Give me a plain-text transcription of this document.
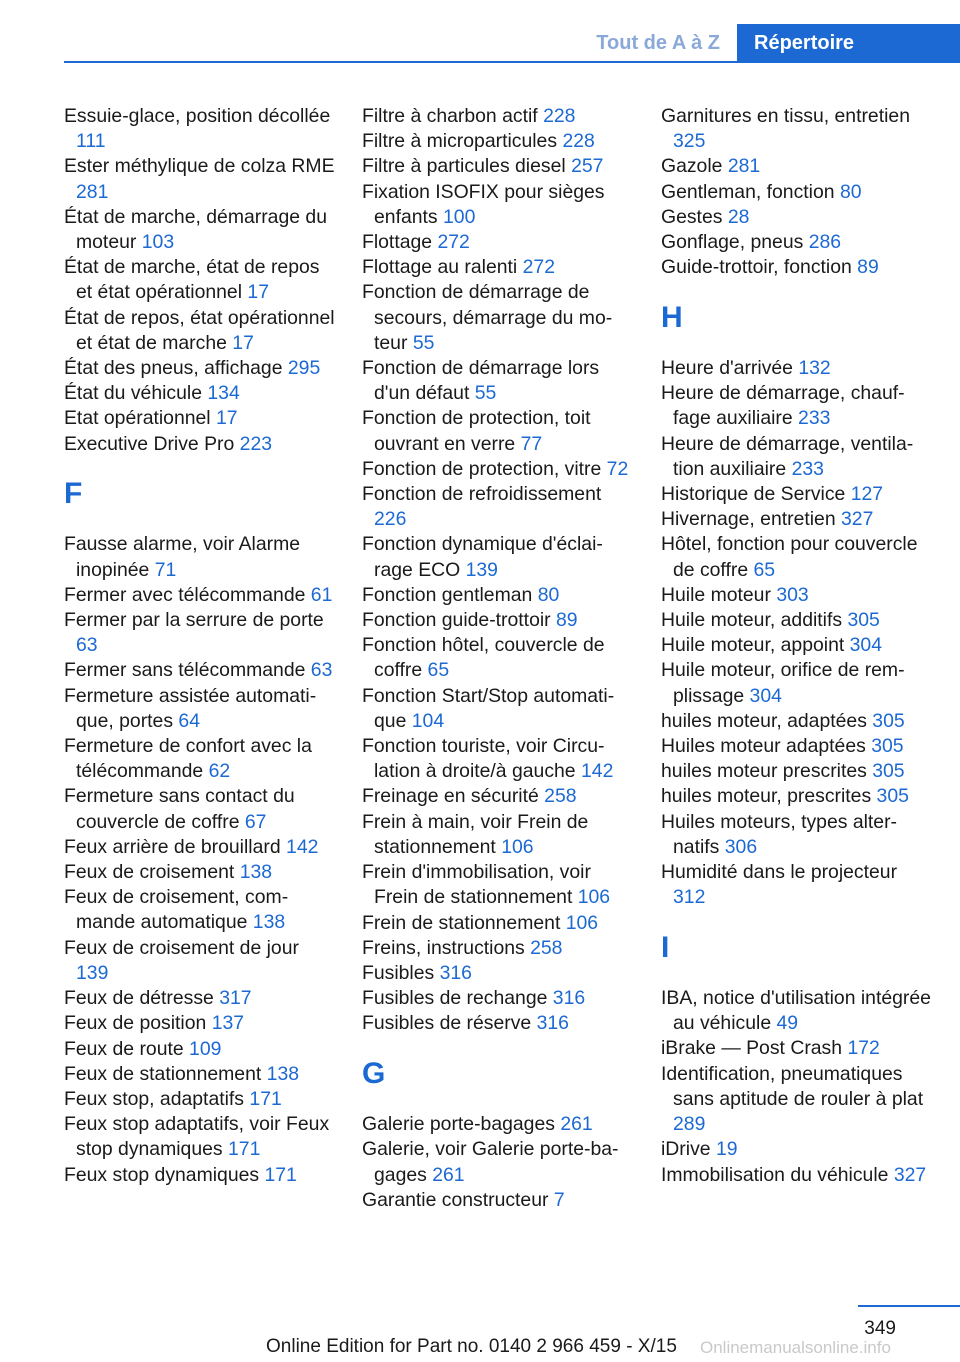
Tout de A à Z	Répertoire
Essuie-glace, position décollée 111
Ester méthylique de colza RME 281
État de marche, démarrage du moteur 103
État de marche, état de repos et état opérationnel 17
État de repos, état opérationnel et état de marche 17
État des pneus, affichage 295
État du véhicule 134
Etat opérationnel 17
Executive Drive Pro 223
F
Fausse alarme, voir Alarme inopinée 71
Fermer avec télécommande 61
Fermer par la serrure de porte 63
Fermer sans télécommande 63
Fermeture assistée automatique, portes 64
Fermeture de confort avec la télécommande 62
Fermeture sans contact du couvercle de coffre 67
Feux arrière de brouillard 142
Feux de croisement 138
Feux de croisement, commande automatique 138
Feux de croisement de jour 139
Feux de détresse 317
Feux de position 137
Feux de route 109
Feux de stationnement 138
Feux stop, adaptatifs 171
Feux stop adaptatifs, voir Feux stop dynamiques 171
Feux stop dynamiques 171
Filtre à charbon actif 228
Filtre à microparticules 228
Filtre à particules diesel 257
Fixation ISOFIX pour sièges enfants 100
Flottage 272
Flottage au ralenti 272
Fonction de démarrage de secours, démarrage du moteur 55
Fonction de démarrage lors d'un défaut 55
Fonction de protection, toit ouvrant en verre 77
Fonction de protection, vitre 72
Fonction de refroidissement 226
Fonction dynamique d'éclairage ECO 139
Fonction gentleman 80
Fonction guide-trottoir 89
Fonction hôtel, couvercle de coffre 65
Fonction Start/Stop automatique 104
Fonction touriste, voir Circulation à droite/à gauche 142
Freinage en sécurité 258
Frein à main, voir Frein de stationnement 106
Frein d'immobilisation, voir Frein de stationnement 106
Frein de stationnement 106
Freins, instructions 258
Fusibles 316
Fusibles de rechange 316
Fusibles de réserve 316
G
Galerie porte-bagages 261
Galerie, voir Galerie porte-bagages 261
Garantie constructeur 7
Garnitures en tissu, entretien 325
Gazole 281
Gentleman, fonction 80
Gestes 28
Gonflage, pneus 286
Guide-trottoir, fonction 89
H
Heure d'arrivée 132
Heure de démarrage, chauffage auxiliaire 233
Heure de démarrage, ventilation auxiliaire 233
Historique de Service 127
Hivernage, entretien 327
Hôtel, fonction pour couvercle de coffre 65
Huile moteur 303
Huile moteur, additifs 305
Huile moteur, appoint 304
Huile moteur, orifice de remplissage 304
huiles moteur, adaptées 305
Huiles moteur adaptées 305
huiles moteur prescrites 305
huiles moteur, prescrites 305
Huiles moteurs, types alternatifs 306
Humidité dans le projecteur 312
I
IBA, notice d'utilisation intégrée au véhicule 49
iBrake — Post Crash 172
Identification, pneumatiques sans aptitude de rouler à plat 289
iDrive 19
Immobilisation du véhicule 327
349
Online Edition for Part no. 0140 2 966 459 - X/15 Onlinemanualsonline.info
